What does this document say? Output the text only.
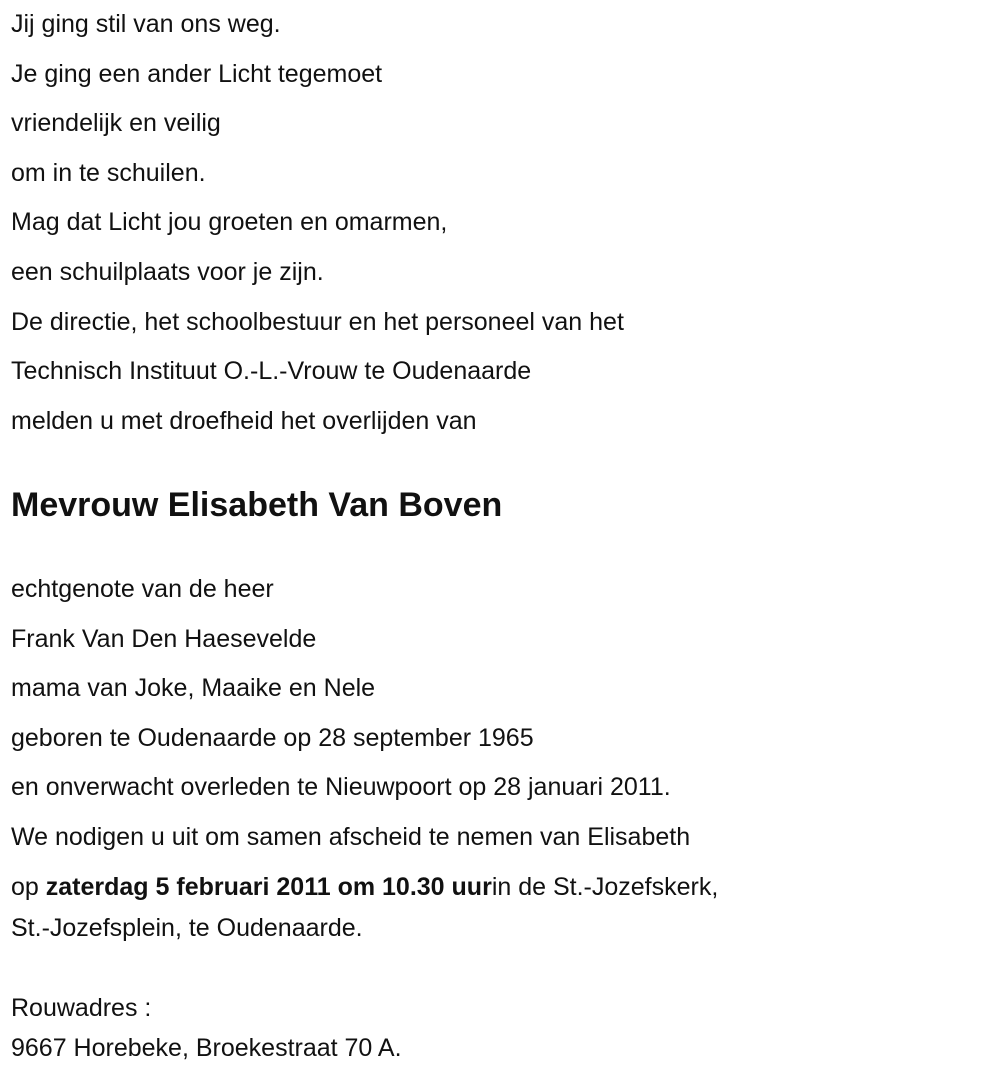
Jij ging stil van ons weg.
Je ging een ander Licht tegemoet
vriendelijk en veilig
om in te schuilen.
Mag dat Licht jou groeten en omarmen,
een schuilplaats voor je zijn.
De directie, het schoolbestuur en het personeel van het
Technisch Instituut O.-L.-Vrouw te Oudenaarde
melden u met droefheid het overlijden van
Mevrouw Elisabeth Van Boven
echtgenote van de heer
Frank Van Den Haesevelde
mama van Joke, Maaike en Nele
geboren te Oudenaarde op 28 september 1965
en onverwacht overleden te Nieuwpoort op 28 januari 2011.
We nodigen u uit om samen afscheid te nemen van Elisabeth
op zaterdag 5 februari 2011 om 10.30 uurin de St.-Jozefskerk,
St.-Jozefsplein, te Oudenaarde.
Rouwadres :
9667 Horebeke, Broekestraat 70 A.
